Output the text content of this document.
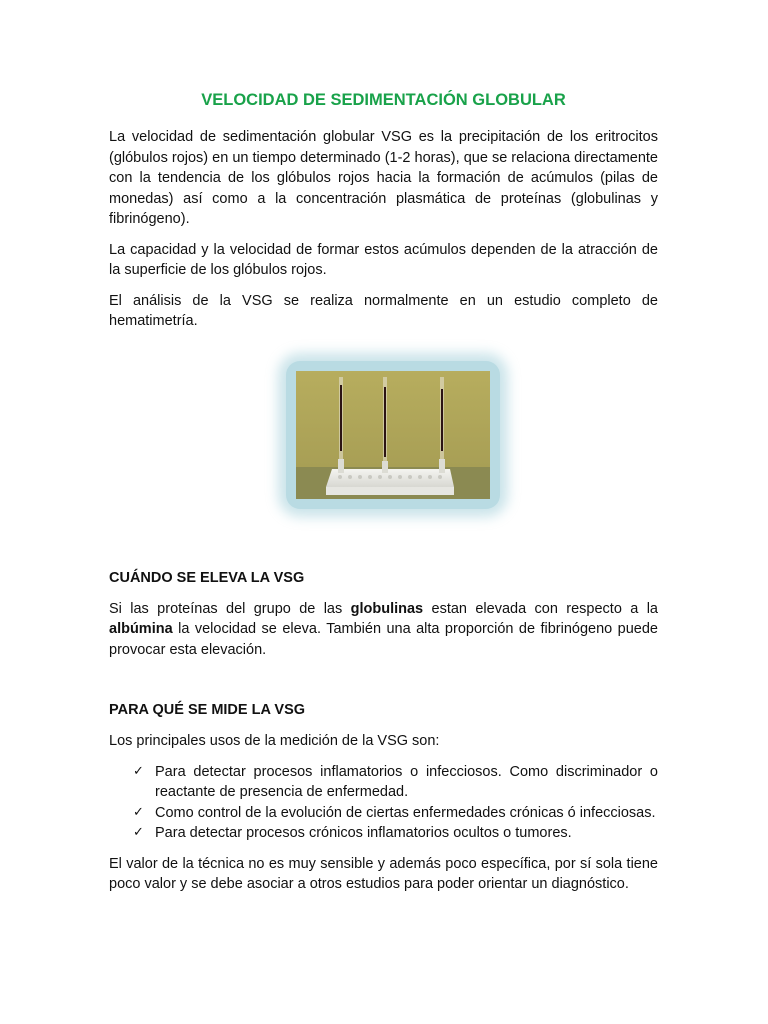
VELOCIDAD DE SEDIMENTACIÓN GLOBULAR

La velocidad de sedimentación globular VSG es la precipitación de los eritrocitos (glóbulos rojos) en un tiempo determinado (1-2 horas), que se relaciona directamente con la tendencia de los glóbulos rojos hacia la formación de acúmulos (pilas de monedas) así como a la concentración plasmática de proteínas (globulinas y fibrinógeno).

La capacidad y la velocidad de formar estos acúmulos dependen de la atracción de la superficie de los glóbulos rojos.

El análisis de la VSG se realiza normalmente en un estudio completo de hematimetría.

CUÁNDO SE ELEVA LA VSG

Si las proteínas del grupo de las globulinas estan elevada con respecto a la albúmina la velocidad se eleva. También una alta proporción de fibrinógeno puede provocar esta elevación.

PARA QUÉ SE MIDE LA VSG

Los principales usos de la medición de la VSG son:

✓ Para detectar procesos inflamatorios o infecciosos. Como discriminador o reactante de presencia de enfermedad.
✓ Como control de la evolución de ciertas enfermedades crónicas ó infecciosas.
✓ Para detectar procesos crónicos inflamatorios ocultos o tumores.

El valor de la técnica no es muy sensible y además poco específica, por sí sola tiene poco valor y se debe asociar a otros estudios para poder orientar un diagnóstico.
